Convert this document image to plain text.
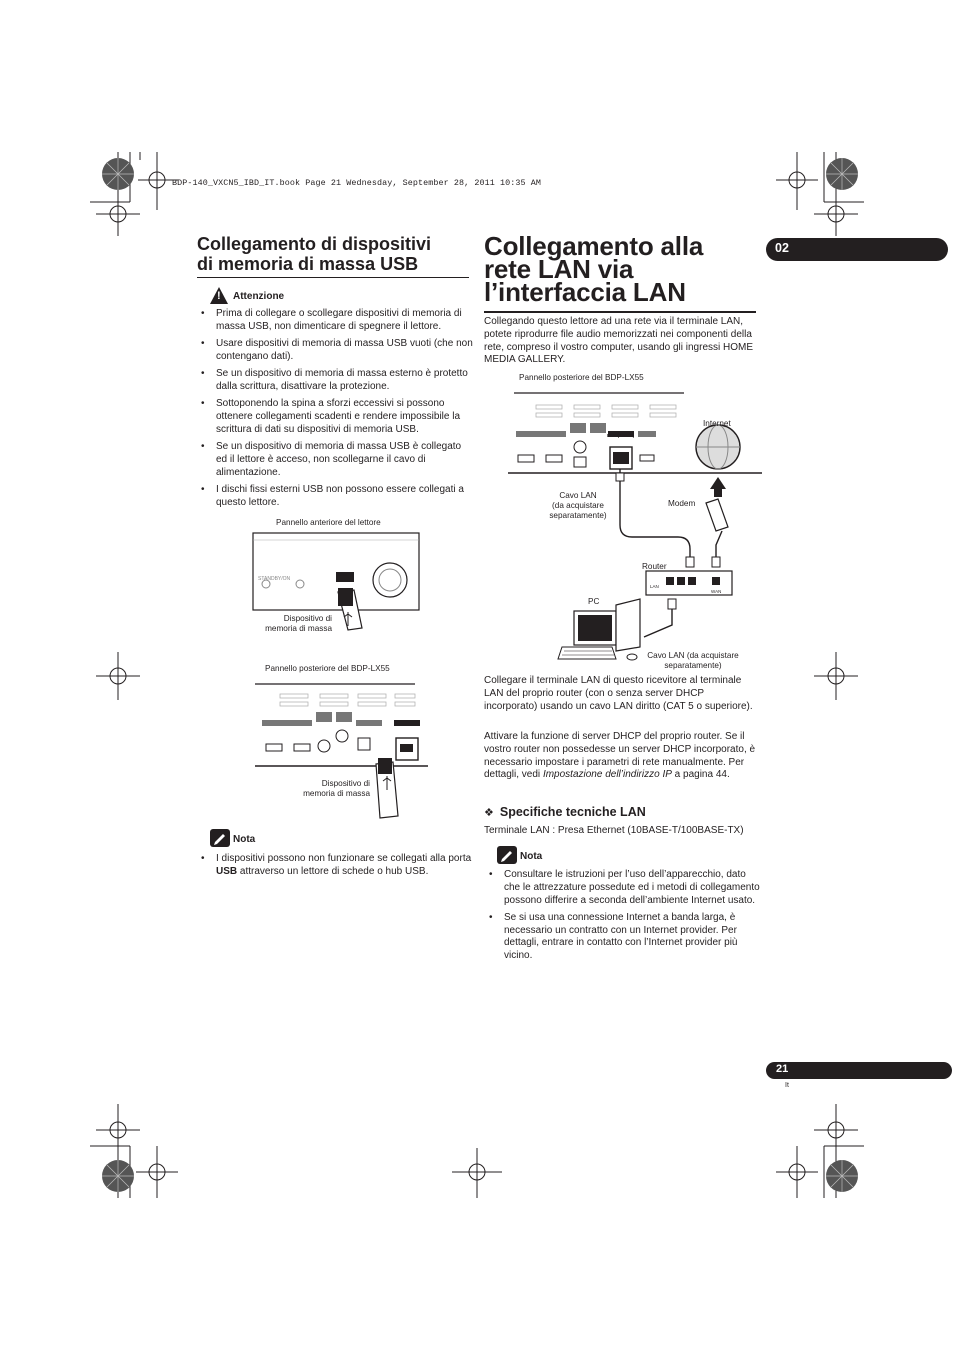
BDP-140_VXCN5_IBD_IT.book Page 21 Wednesday, September 28, 2011 10:35 AM
02
Collegamento di dispositivi
di memoria di massa USB
! Attenzione
• Prima di collegare o scollegare dispositivi di memoria di massa USB, non dimenticare di spegnere il lettore.
• Usare dispositivi di memoria di massa USB vuoti (che non contengano dati).
• Se un dispositivo di memoria di massa esterno è protetto dalla scrittura, disattivare la protezione.
• Sottoponendo la spina a sforzi eccessivi si possono ottenere collegamenti scadenti e rendere impossibile la scrittura di dati su dispositivi di memoria USB.
• Se un dispositivo di memoria di massa USB è collegato ed il lettore è acceso, non scollegarne il cavo di alimentazione.
• I dischi fissi esterni USB non possono essere collegati a questo lettore.
Pannello anteriore del lettore
STANDBY/ON
USB
Dispositivo di
memoria di massa
Pannello posteriore del BDP-LX55
Dispositivo di
memoria di massa
Nota
• I dispositivi possono non funzionare se collegati alla porta USB attraverso un lettore di schede o hub USB.
Collegamento alla
rete LAN via
l’interfaccia LAN
Collegando questo lettore ad una rete via il terminale LAN, potete riprodurre file audio memorizzati nei componenti della rete, compreso il vostro computer, usando gli ingressi HOME MEDIA GALLERY.
Pannello posteriore del BDP-LX55
Internet
Cavo LAN
(da acquistare
separatamente)
Modem
Router
LAN (10/100)
LAN
WAN
PC
Cavo LAN (da acquistare
separatamente)
Collegare il terminale LAN di questo ricevitore al terminale LAN del proprio router (con o senza server DHCP incorporato) usando un cavo LAN diritto (CAT 5 o superiore).
Attivare la funzione di server DHCP del proprio router. Se il vostro router non possedesse un server DHCP incorporato, è necessario impostare i parametri di rete manualmente. Per dettagli, vedi Impostazione dell’indirizzo IP a pagina 44.
❖ Specifiche tecniche LAN
Terminale LAN : Presa Ethernet (10BASE-T/100BASE-TX)
Nota
• Consultare le istruzioni per l’uso dell’apparecchio, dato che le attrezzature possedute ed i metodi di collegamento possono differire a seconda dell’ambiente Internet usato.
• Se si usa una connessione Internet a banda larga, è necessario un contratto con un Internet provider. Per dettagli, entrare in contatto con l’Internet provider più vicino.
21
It
